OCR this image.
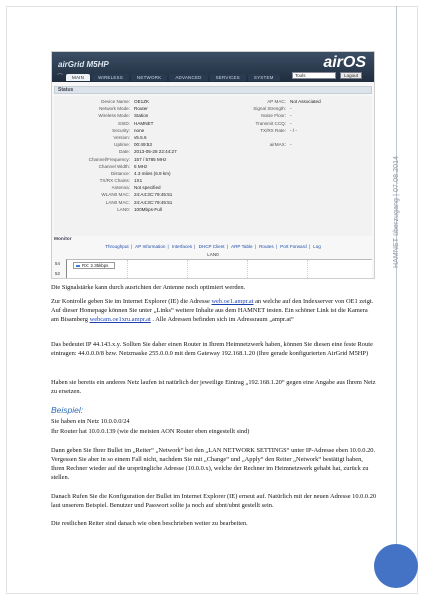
HAMNET überzugang | 07.08.2014
airGrid M5HP	airOS
⌒	MAIN	WIRELESS	NETWORK	ADVANCED	SERVICES	SYSTEM	Tools	Logout
Status
Device Name: OE1ZK
Network Mode: Router
Wireless Mode: Station
SSID: HAMNET
Security: none
Version: v5.5.6
Uptime: 00:49:53
Date: 2013-05-28 22:44:27
Channel/Frequency: 157 / 5785 MHz
Channel Width: 5 MHz
Distance: 4.3 miles (6.9 km)
TX/RX Chains: 1X1
Antenna: Not specified
WLAN0 MAC: 24:A4:3C:79:45:51
LAN0 MAC: 24:A4:3C:79:45:51
LAN0: 100Mbps-Full
AP MAC: Not Associated
Signal Strength: -
Noise Floor: -
Transmit CCQ: -
TX/RX Rate: - / -
airMAX: -
Monitor
Throughput | AP Information | Interfaces | DHCP Client | ARP Table | Routes | Port Forward | Log
LAN0
54
52
RX: 2.35kbps

Die Signalstärke kann durch ausrichten der Antenne noch optimiert werden.

Zur Kontrolle geben Sie im Internet Explorer (IE) die Adresse web.oe1.ampr.at an welche auf den Indexserver von OE1 zeigt. Auf dieser Homepage können Sie unter „Links“ weitere Inhalte aus dem HAMNET testen. Ein schöner Link ist die Kamera am Bisamberg webcam.oe1xru.ampr.at . Alle Adressen befinden sich im Adressraum „ampr.at“

Das bedeutet IP 44.143.x.y. Sollten Sie daher einen Router in Ihrem Heimnetzwerk haben, können Sie diesen eine feste Route eintragen: 44.0.0.0/8 bzw. Netzmaske 255.0.0.0 mit dem Gateway 192.168.1.20 (Ihre gerade konfigurierten AirGrid M5HP)

Haben sie bereits ein anderes Netz laufen ist natürlich der jeweilige Eintrag „192.168.1.20“ gegen eine Angabe aus Ihrem Netz zu ersetzen.

Beispiel:

Sie haben ein Netz 10.0.0.0/24

Ihr Router hat 10.0.0.139 (wie die meisten AON Router eben eingestellt sind)

Dann geben Sie Ihrer Bullet im „Reiter“ „Network“ bei den „LAN NETWORK SETTINGS“ unter IP-Adresse eben 10.0.0.20. Vergessen Sie aber in so einem Fall nicht, nachdem Sie mit „Change“ und „Apply“ den Reiter „Network“ bestätigt haben, Ihren Rechner wieder auf die ursprüngliche Adresse (10.0.0.x), welche der Rechner im Heimnetzwerk gehabt hat, zurück zu stellen.

Danach Rufen Sie die Konfiguration der Bullet im Internet Explorer (IE) erneut auf. Natürlich mit der neuen Adresse 10.0.0.20 laut unserem Beispiel. Benutzer und Passwort sollte ja noch auf ubnt/ubnt gestellt sein.

Die restlichen Reiter sind danach wie oben beschrieben weiter zu bearbeiten.
